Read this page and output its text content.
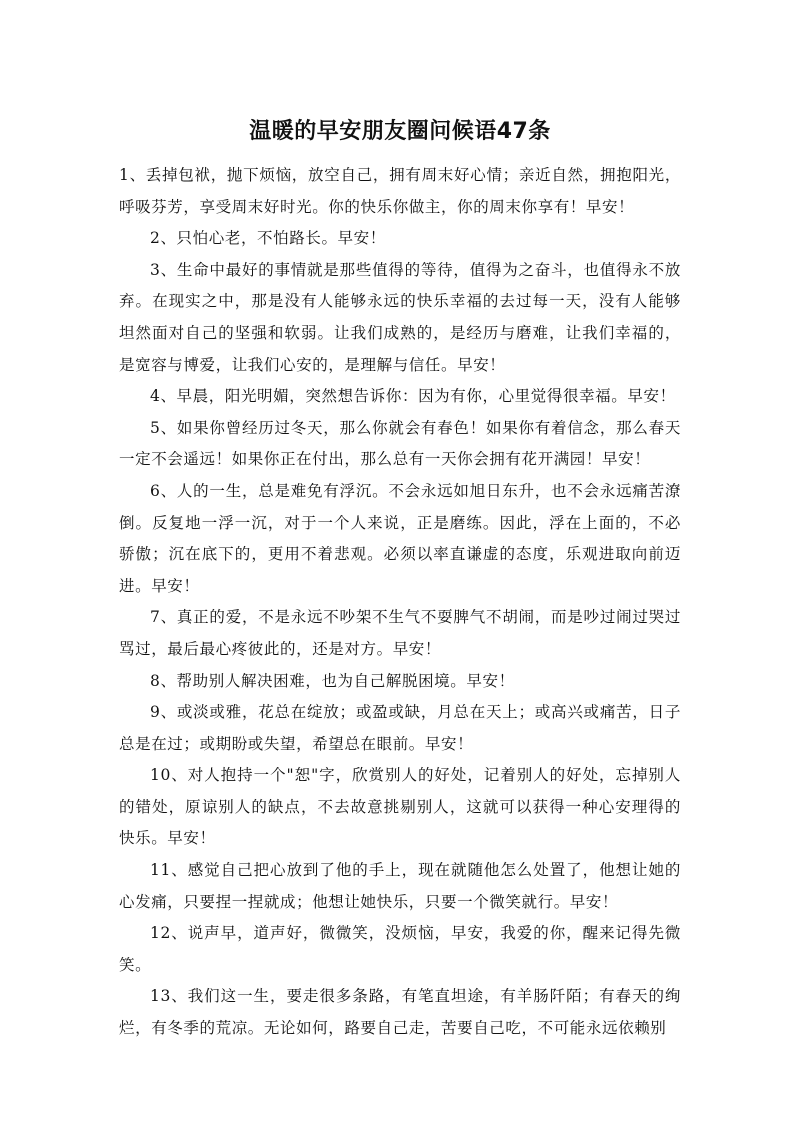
温暖的早安朋友圈问候语47条

1、丢掉包袱，抛下烦恼，放空自己，拥有周末好心情；亲近自然，拥抱阳光，呼吸芬芳，享受周末好时光。你的快乐你做主，你的周末你享有！早安！

2、只怕心老，不怕路长。早安！

3、生命中最好的事情就是那些值得的等待，值得为之奋斗，也值得永不放弃。在现实之中，那是没有人能够永远的快乐幸福的去过每一天，没有人能够坦然面对自己的坚强和软弱。让我们成熟的，是经历与磨难，让我们幸福的，是宽容与博爱，让我们心安的，是理解与信任。早安！

4、早晨，阳光明媚，突然想告诉你：因为有你，心里觉得很幸福。早安！

5、如果你曾经历过冬天，那么你就会有春色！如果你有着信念，那么春天一定不会遥远！如果你正在付出，那么总有一天你会拥有花开满园！早安！

6、人的一生，总是难免有浮沉。不会永远如旭日东升，也不会永远痛苦潦倒。反复地一浮一沉，对于一个人来说，正是磨练。因此，浮在上面的，不必骄傲；沉在底下的，更用不着悲观。必须以率直谦虚的态度，乐观进取向前迈进。早安！

7、真正的爱，不是永远不吵架不生气不耍脾气不胡闹，而是吵过闹过哭过骂过，最后最心疼彼此的，还是对方。早安！

8、帮助别人解决困难，也为自己解脱困境。早安！

9、或淡或雅，花总在绽放；或盈或缺，月总在天上；或高兴或痛苦，日子总是在过；或期盼或失望，希望总在眼前。早安！

10、对人抱持一个"恕"字，欣赏别人的好处，记着别人的好处，忘掉别人的错处，原谅别人的缺点，不去故意挑剔别人，这就可以获得一种心安理得的快乐。早安！

11、感觉自己把心放到了他的手上，现在就随他怎么处置了，他想让她的心发痛，只要捏一捏就成；他想让她快乐，只要一个微笑就行。早安！

12、说声早，道声好，微微笑，没烦恼，早安，我爱的你，醒来记得先微笑。

13、我们这一生，要走很多条路，有笔直坦途，有羊肠阡陌；有春天的绚烂，有冬季的荒凉。无论如何，路要自己走，苦要自己吃，不可能永远依赖别
